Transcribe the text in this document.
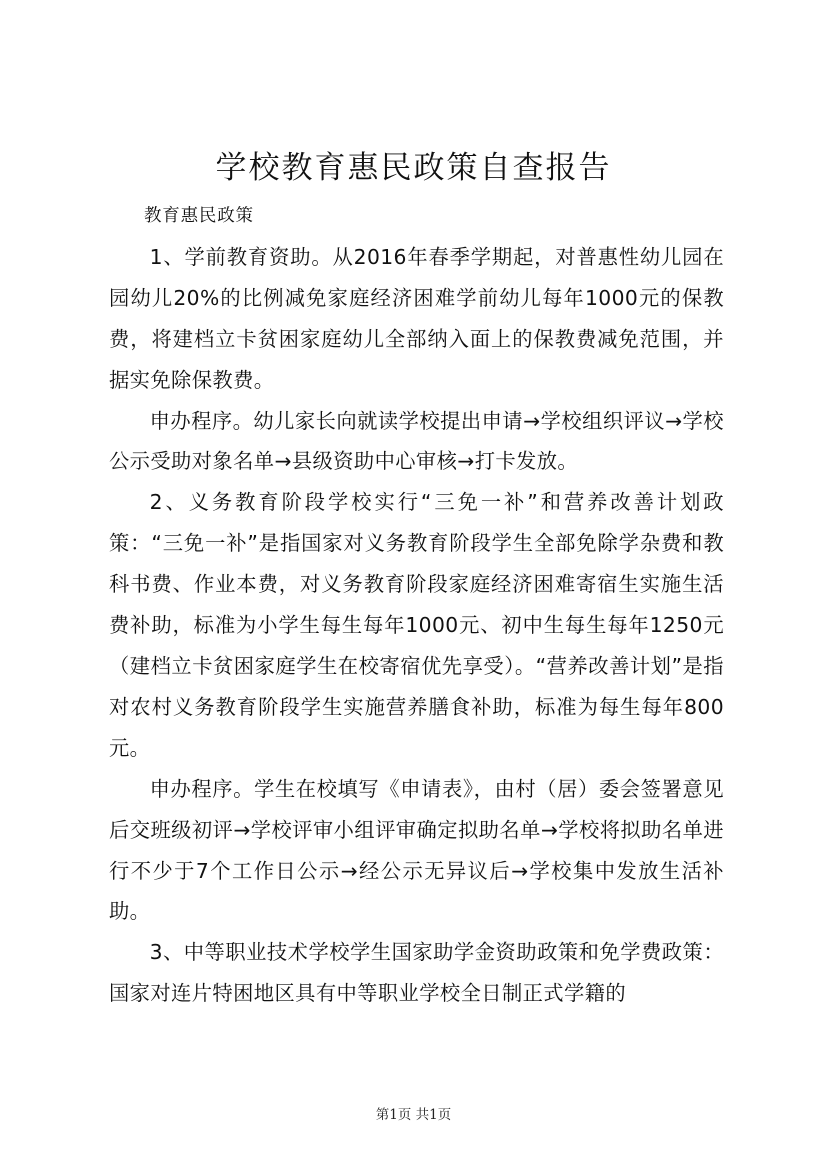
学校教育惠民政策自查报告

教育惠民政策

1、学前教育资助。从2016年春季学期起，对普惠性幼儿园在园幼儿20%的比例减免家庭经济困难学前幼儿每年1000元的保教费，将建档立卡贫困家庭幼儿全部纳入面上的保教费减免范围，并据实免除保教费。

申办程序。幼儿家长向就读学校提出申请→学校组织评议→学校公示受助对象名单→县级资助中心审核→打卡发放。

2、义务教育阶段学校实行“三免一补”和营养改善计划政策：“三免一补”是指国家对义务教育阶段学生全部免除学杂费和教科书费、作业本费，对义务教育阶段家庭经济困难寄宿生实施生活费补助，标准为小学生每生每年1000元、初中生每生每年1250元（建档立卡贫困家庭学生在校寄宿优先享受）。“营养改善计划”是指对农村义务教育阶段学生实施营养膳食补助，标准为每生每年800元。

申办程序。学生在校填写《申请表》，由村（居）委会签署意见后交班级初评→学校评审小组评审确定拟助名单→学校将拟助名单进行不少于7个工作日公示→经公示无异议后→学校集中发放生活补助。

3、中等职业技术学校学生国家助学金资助政策和免学费政策：国家对连片特困地区具有中等职业学校全日制正式学籍的

第1页 共1页
